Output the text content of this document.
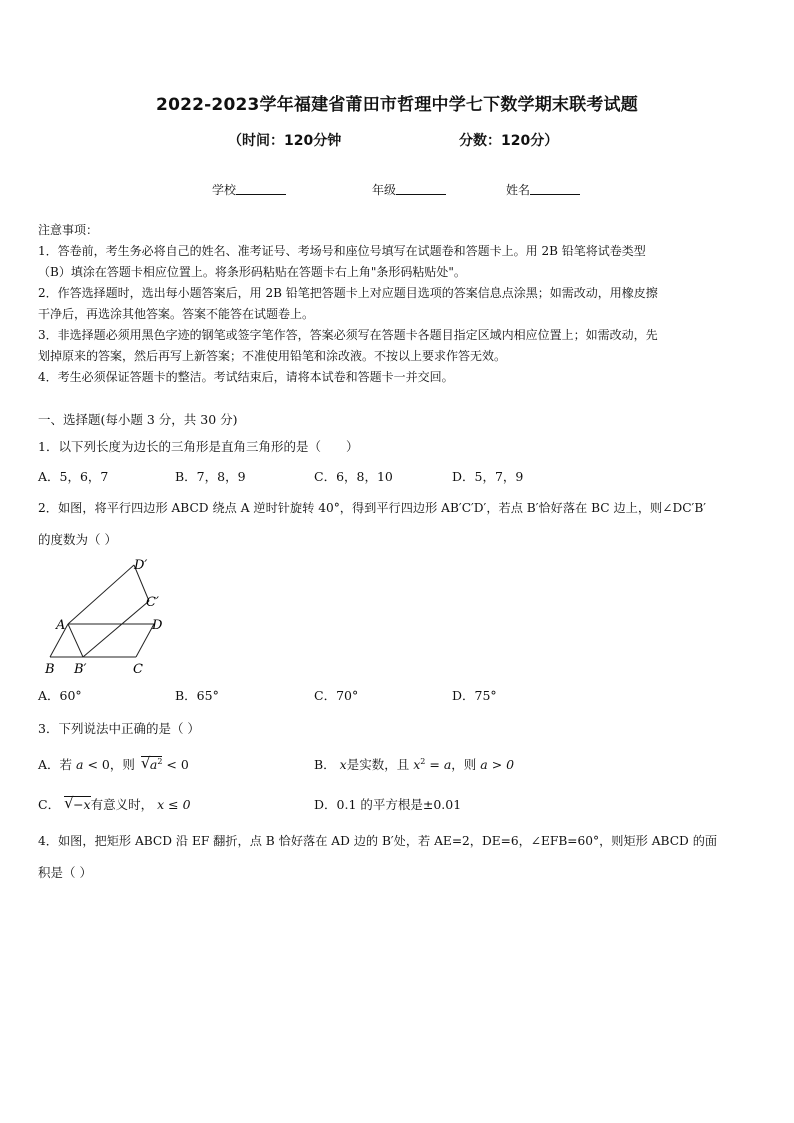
2022-2023学年福建省莆田市哲理中学七下数学期末联考试题
（时间：120分钟	分数：120分）
学校	年级	姓名
注意事项：
1．答卷前，考生务必将自己的姓名、准考证号、考场号和座位号填写在试题卷和答题卡上。用 2B 铅笔将试卷类型
（B）填涂在答题卡相应位置上。将条形码粘贴在答题卡右上角"条形码粘贴处"。
2．作答选择题时，选出每小题答案后，用 2B 铅笔把答题卡上对应题目选项的答案信息点涂黑；如需改动，用橡皮擦
干净后，再选涂其他答案。答案不能答在试题卷上。
3．非选择题必须用黑色字迹的钢笔或签字笔作答，答案必须写在答题卡各题目指定区域内相应位置上；如需改动，先
划掉原来的答案，然后再写上新答案；不准使用铅笔和涂改液。不按以上要求作答无效。
4．考生必须保证答题卡的整洁。考试结束后，请将本试卷和答题卡一并交回。
一、选择题(每小题 3 分，共 30 分)
1．以下列长度为边长的三角形是直角三角形的是（　　）
A．5，6，7	B．7，8，9	C．6，8，10	D．5，7，9
2．如图，将平行四边形 ABCD 绕点 A 逆时针旋转 40°，得到平行四边形 AB′C′D′，若点 B′恰好落在 BC 边上，则∠DC′B′
的度数为（ ）
D′
C′
A	D
B B′	C
A．60°	B．65°	C．70°	D．75°
3．下列说法中正确的是（ ）
A．若 a < 0，则 √ $a^2 < 0$	B． x是实数，且 $x^2 = a$，则 a > 0
C． √ −x有意义时， x ≤ 0	D．0.1 的平方根是±0.01
4．如图，把矩形 ABCD 沿 EF 翻折，点 B 恰好落在 AD 边的 B′处，若 AE=2，DE=6，∠EFB=60°，则矩形 ABCD 的面
积是（ ）
